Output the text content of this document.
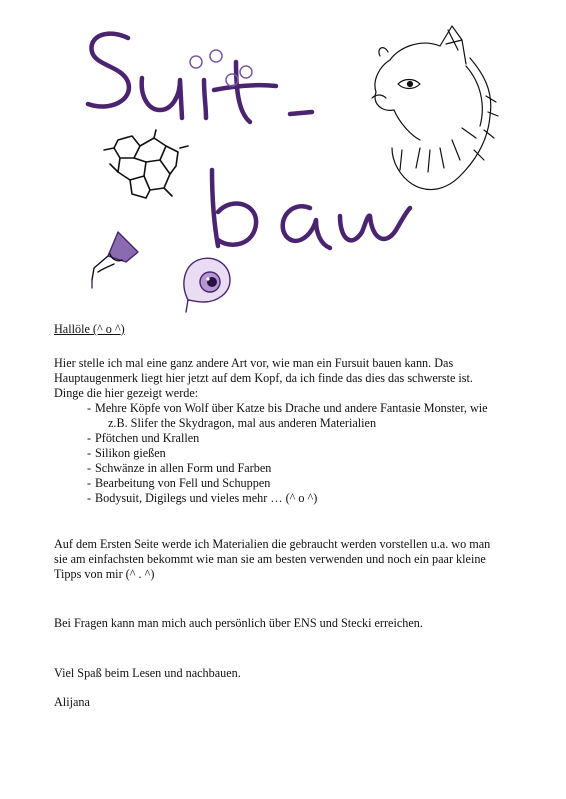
Hallöle (^ o ^)

Hier stelle ich mal eine ganz andere Art vor, wie man ein Fursuit bauen kann. Das

Hauptaugenmerk liegt hier jetzt auf dem Kopf, da ich finde das dies das schwerste ist.

Dinge die hier gezeigt werde:

- Mehre Köpfe von Wolf über Katze bis Drache und andere Fantasie Monster, wie

z.B. Slifer the Skydragon, mal aus anderen Materialien
- Pfötchen und Krallen
- Silikon gießen
- Schwänze in allen Form und Farben
- Bearbeitung von Fell und Schuppen
- Bodysuit, Digilegs und vieles mehr … (^ o ^)

Auf dem Ersten Seite werde ich Materialien die gebraucht werden vorstellen u.a. wo man

sie am einfachsten bekommt wie man sie am besten verwenden und noch ein paar kleine

Tipps von mir (^ . ^)

Bei Fragen kann man mich auch persönlich über ENS und Stecki erreichen.

Viel Spaß beim Lesen und nachbauen.

Alijana
